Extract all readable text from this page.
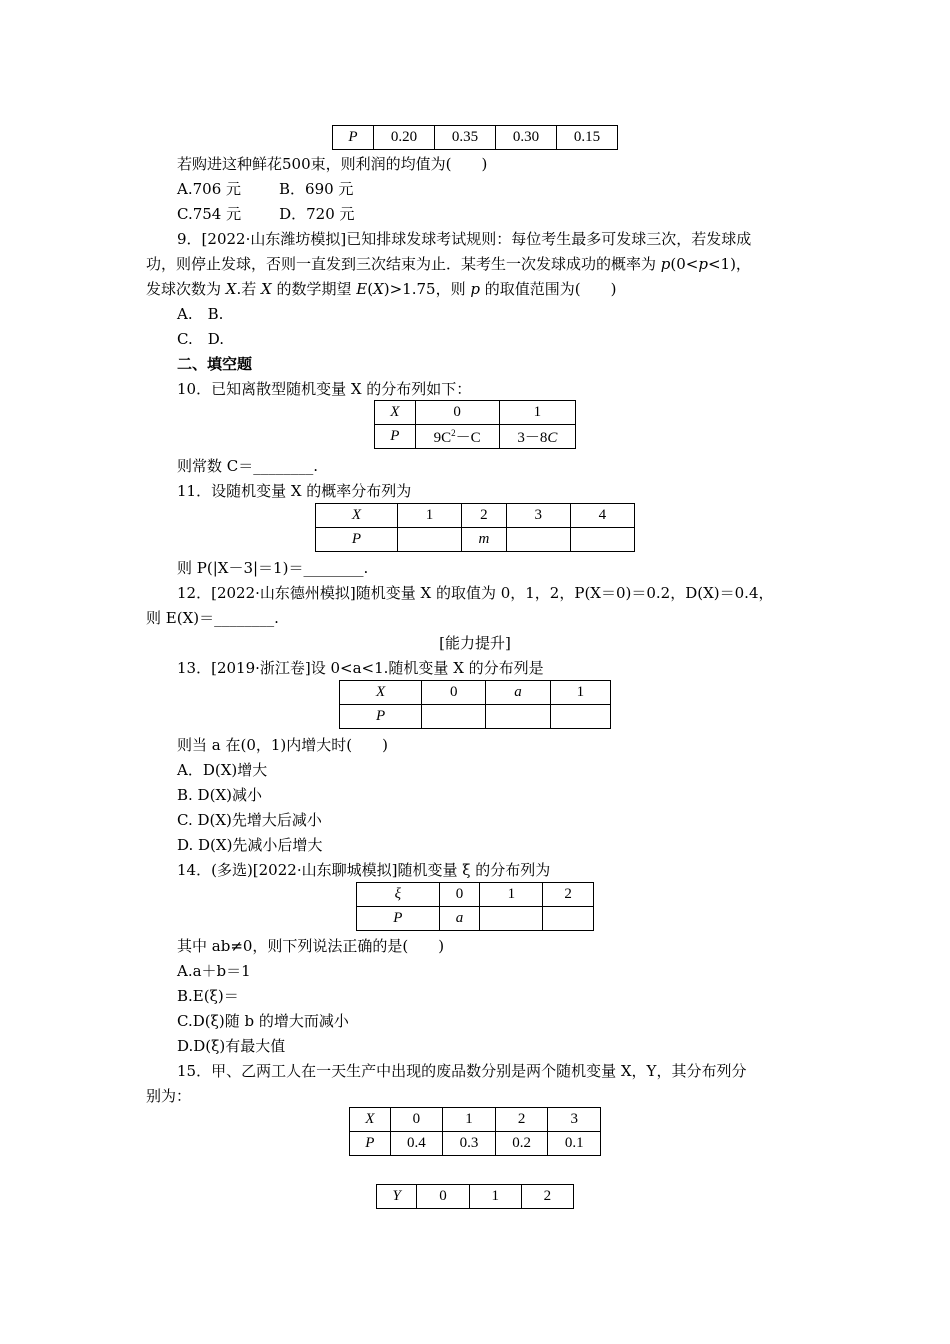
P	0.20	0.35	0.30	0.15
若购进这种鲜花500束，则利润的均值为(　　)
A.706 元	B．690 元
C.754 元	D．720 元
9．[2022·山东潍坊模拟]已知排球发球考试规则：每位考生最多可发球三次，若发球成
功，则停止发球，否则一直发到三次结束为止．某考生一次发球成功的概率为 p(0<p<1)，
发球次数为 X.若 X 的数学期望 E(X)>1.75，则 p 的取值范围为(　　)
A.　B.
C.　D.
二、填空题
10．已知离散型随机变量 X 的分布列如下：
X	0	1
P	$9C^2-C$	3－8C
则常数 C＝________.
11．设随机变量 X 的概率分布列为
X	1	2	3	4
P		m		
则 P(|X－3|＝1)＝________.
12．[2022·山东德州模拟]随机变量 X 的取值为 0，1，2，P(X＝0)＝0.2，D(X)＝0.4，
则 E(X)＝________.
[能力提升]
13．[2019·浙江卷]设 0<a<1.随机变量 X 的分布列是
X	0	a	1
P			
则当 a 在(0，1)内增大时(　　)
A．D(X)增大
B. D(X)减小
C. D(X)先增大后减小
D. D(X)先减小后增大
14．(多选)[2022·山东聊城模拟]随机变量 ξ 的分布列为
ξ	0	1	2
P	a		
其中 ab≠0，则下列说法正确的是(　　)
A.a＋b＝1
B.E(ξ)＝
C.D(ξ)随 b 的增大而减小
D.D(ξ)有最大值
15．甲、乙两工人在一天生产中出现的废品数分别是两个随机变量 X，Y，其分布列分
别为：
X	0	1	2	3
P	0.4	0.3	0.2	0.1
Y	0	1	2
